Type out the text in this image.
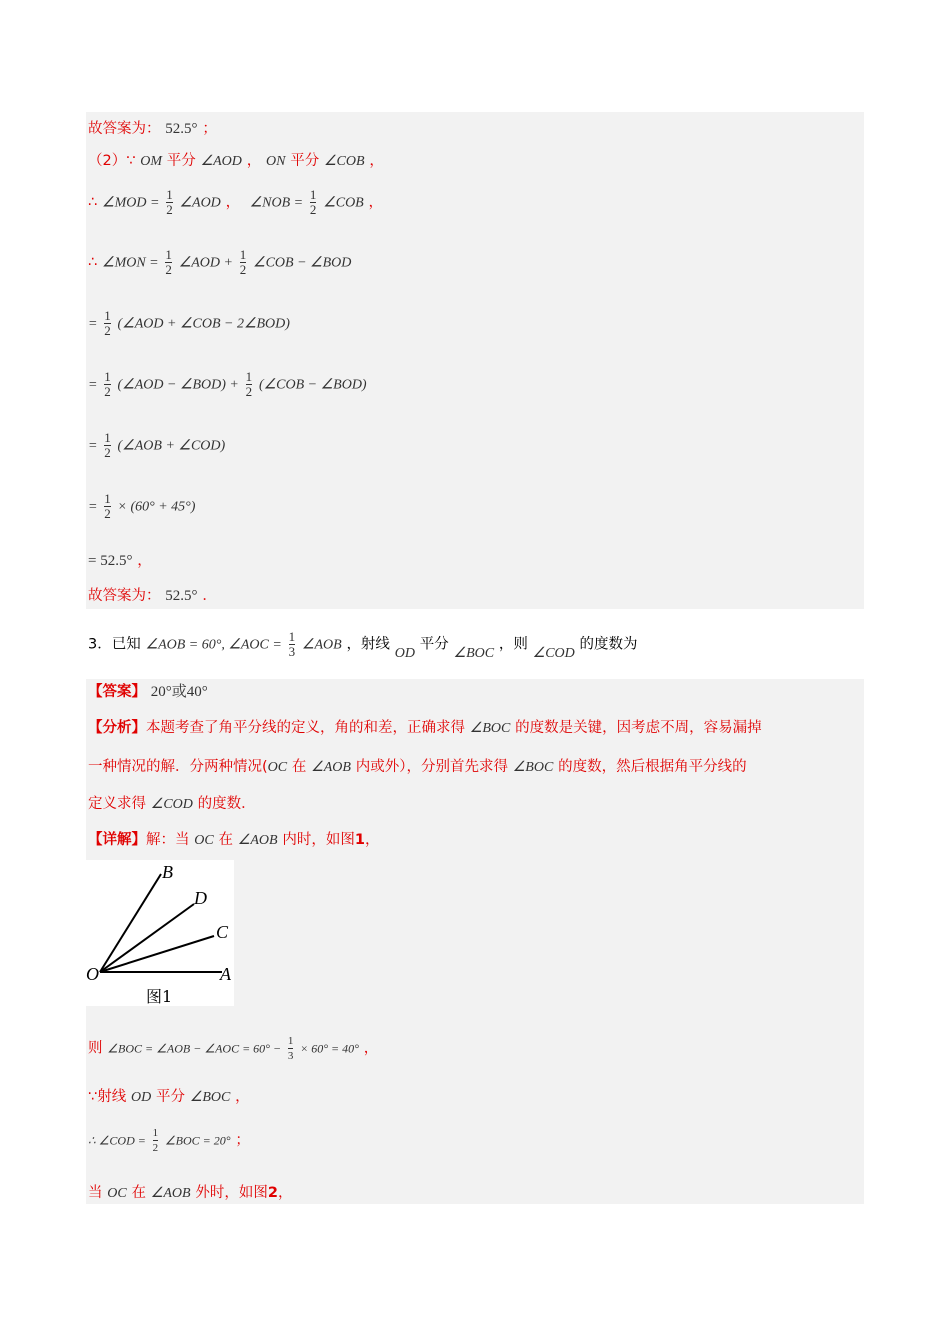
故答案为： 52.5° ；
（2）∵ OM 平分 ∠AOD ， ON 平分 ∠COB ，
∴ ∠MOD = $\frac{1}{2}$ ∠AOD ， ∠NOB = $\frac{1}{2}$ ∠COB ，
∴ ∠MON = $\frac{1}{2}$ ∠AOD + $\frac{1}{2}$ ∠COB − ∠BOD
= $\frac{1}{2}$ (∠AOD + ∠COB − 2∠BOD)
= $\frac{1}{2}$ (∠AOD − ∠BOD) + $\frac{1}{2}$ (∠COB − ∠BOD)
= $\frac{1}{2}$ (∠AOB + ∠COD)
= $\frac{1}{2} \times (60^\circ + 45^\circ)$
= 52.5° ，
故答案为： 52.5° ．
3．已知 ∠AOB = 60°, ∠AOC = $\frac{1}{3}$ ∠AOB ，射线 OD 平分 ∠BOC ，则 ∠COD 的度数为
【答案】 20°或40°
【分析】本题考查了角平分线的定义，角的和差，正确求得 ∠BOC 的度数是关键，因考虑不周，容易漏掉
一种情况的解．分两种情况(OC 在 ∠AOB 内或外），分别首先求得 ∠BOC 的度数，然后根据角平分线的
定义求得 ∠COD 的度数．
【详解】解：当 OC 在 ∠AOB 内时，如图1，
B
D
C
O	A
图1
则 ∠BOC = ∠AOB − ∠AOC = $60^\circ - \frac{1}{3} \times 60^\circ = 40^\circ$ ，
∵射线 OD 平分 ∠BOC ，
∴ ∠COD = $\frac{1}{2}$ ∠BOC = 20° ；
当 OC 在 ∠AOB 外时，如图2，
